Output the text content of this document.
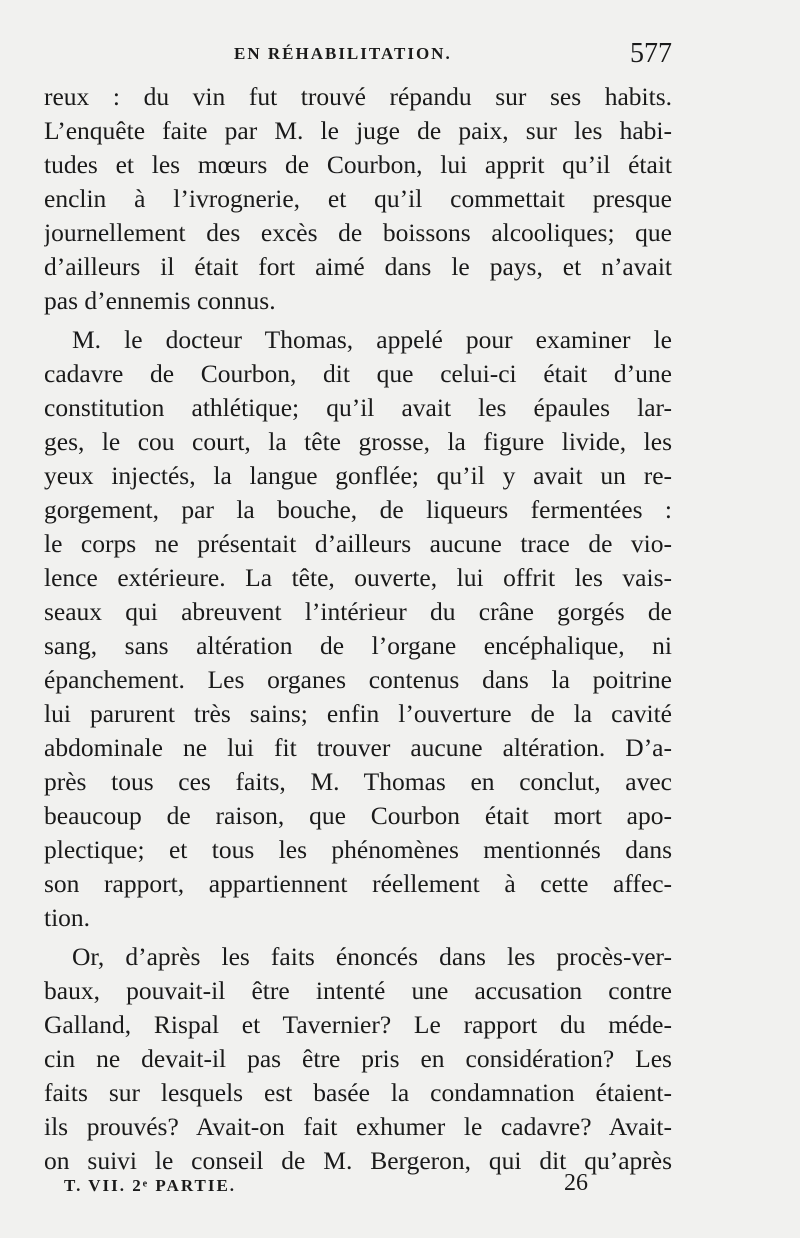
EN RÉHABILITATION.	577
reux : du vin fut trouvé répandu sur ses habits.
L’enquête faite par M. le juge de paix, sur les habi-
tudes et les mœurs de Courbon, lui apprit qu’il était
enclin à l’ivrognerie, et qu’il commettait presque
journellement des excès de boissons alcooliques; que
d’ailleurs il était fort aimé dans le pays, et n’avait
pas d’ennemis connus.
M. le docteur Thomas, appelé pour examiner le
cadavre de Courbon, dit que celui-ci était d’une
constitution athlétique; qu’il avait les épaules lar-
ges, le cou court, la tête grosse, la figure livide, les
yeux injectés, la langue gonflée; qu’il y avait un re-
gorgement, par la bouche, de liqueurs fermentées :
le corps ne présentait d’ailleurs aucune trace de vio-
lence extérieure. La tête, ouverte, lui offrit les vais-
seaux qui abreuvent l’intérieur du crâne gorgés de
sang, sans altération de l’organe encéphalique, ni
épanchement. Les organes contenus dans la poitrine
lui parurent très sains; enfin l’ouverture de la cavité
abdominale ne lui fit trouver aucune altération. D’a-
près tous ces faits, M. Thomas en conclut, avec
beaucoup de raison, que Courbon était mort apo-
plectique; et tous les phénomènes mentionnés dans
son rapport, appartiennent réellement à cette affec-
tion.
Or, d’après les faits énoncés dans les procès-ver-
baux, pouvait-il être intenté une accusation contre
Galland, Rispal et Tavernier? Le rapport du méde-
cin ne devait-il pas être pris en considération? Les
faits sur lesquels est basée la condamnation étaient-
ils prouvés? Avait-on fait exhumer le cadavre? Avait-
on suivi le conseil de M. Bergeron, qui dit qu’après
T. VII. 2ᵉ PARTIE.	26
